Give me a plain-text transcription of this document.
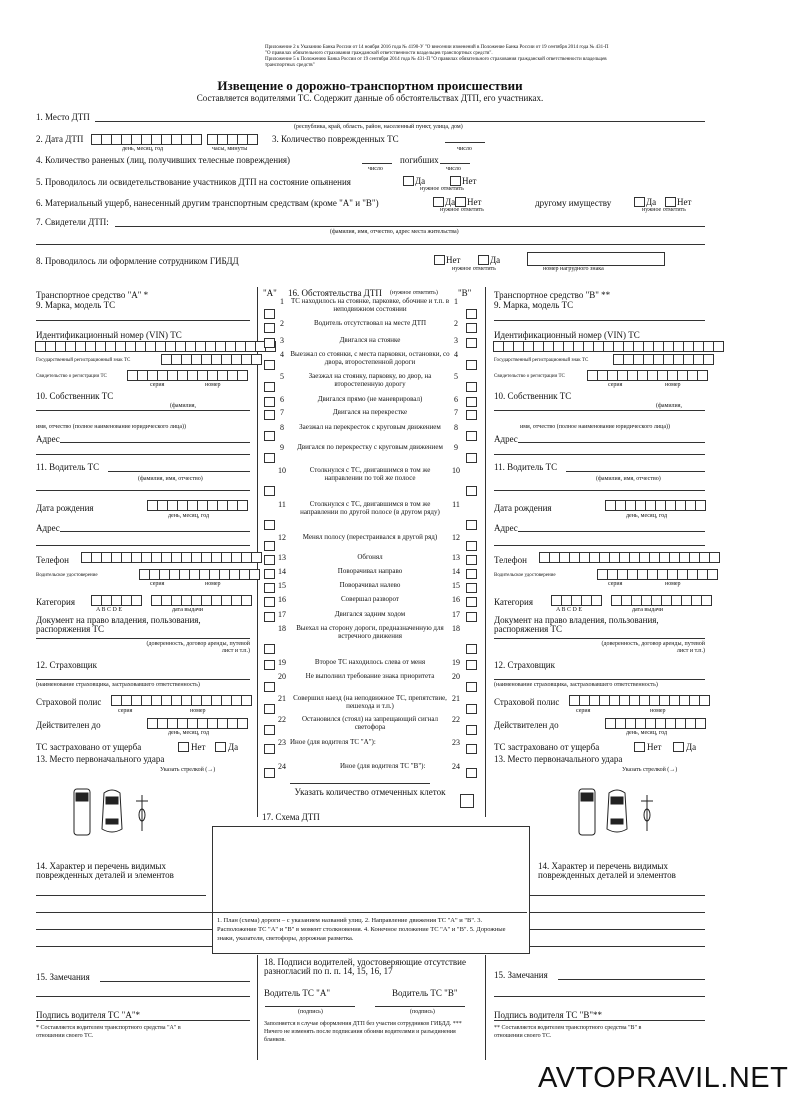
Приложение 2 к Указанию Банка России от 14 ноября 2016 года № 4190-У "О внесении изменений в Положение Банка России от 19 сентября 2014 года № 431-П
"О правилах обязательного страхования гражданской ответственности владельцев транспортных средств".
Приложение 5 к Положению Банка России от 19 сентября 2014 года № 431-П "О правилах обязательного страхования гражданской ответственности владельцев
транспортных средств"
Извещение о дорожно-транспортном происшествии
Составляется водителями ТС. Содержит данные об обстоятельствах ДТП, его участниках.
1. Место ДТП
(республика, край, область, район, населенный пункт, улица, дом)
2. Дата ДТП
день, месяц, год	часы, минуты
3. Количество поврежденных ТС
число
4. Количество раненых (лиц, получивших телесные повреждения)
число
погибших
число
5. Проводилось ли освидетельствование участников ДТП на состояние опьянения	Да	Нет
нужное отметить
6. Материальный ущерб, нанесенный другим транспортным средствам (кроме "А" и "В")	Да Нет
нужное отметить
другому имуществу	Да Нет
нужное отметить
7. Свидетели ДТП:
(фамилия, имя, отчество, адрес места жительства)
8. Проводилось ли оформление сотрудником ГИБДД	Нет	Да
нужное отметить	номер нагрудного знака
Транспортное средство "А" *
9. Марка, модель ТС
Идентификационный номер (VIN) ТС
Государственный регистрационный знак ТС
Свидетельство о регистрации ТС
серия	номер
10. Собственник ТС
(фамилия,
имя, отчество (полное наименование юридического лица))
Адрес
11. Водитель ТС
(фамилия, имя, отчество)
Дата рождения
день, месяц, год
Адрес
Телефон
Водительское удостоверение
серия	номер
Категория
A B C D E	дата выдачи
Документ на право владения, пользования, распоряжения ТС
(доверенность, договор аренды, путевой лист и т.п.)
12. Страховщик
(наименование страховщика, застраховавшего ответственность)
Страховой полис
серия	номер
Действителен до
день, месяц, год
ТС застраховано от ущерба	Нет	Да
13. Место первоначального удара
Указать стрелкой (→)
14. Характер и перечень видимых поврежденных деталей и элементов
15. Замечания
Подпись водителя ТС "А"*
* Составляется водителем транспортного средства "А" в отношении своего ТС.
Транспортное средство "В" **
9. Марка, модель ТС
Идентификационный номер (VIN) ТС
Государственный регистрационный знак ТС
Свидетельство о регистрации ТС
серия	номер
10. Собственник ТС
(фамилия,
имя, отчество (полное наименование юридического лица))
Адрес
11. Водитель ТС
(фамилия, имя, отчество)
Дата рождения
день, месяц, год
Адрес
Телефон
Водительское удостоверение
серия	номер
Категория
A B C D E	дата выдачи
Документ на право владения, пользования, распоряжения ТС
(доверенность, договор аренды, путевой лист и т.п.)
12. Страховщик
(наименование страховщика, застраховавшего ответственность)
Страховой полис
серия	номер
Действителен до
день, месяц, год
ТС застраховано от ущерба	Нет	Да
13. Место первоначального удара
Указать стрелкой (→)
14. Характер и перечень видимых поврежденных деталей и элементов
15. Замечания
Подпись водителя ТС "В"**
** Составляется водителем транспортного средства "В" в отношении своего ТС.
"А" 16. Обстоятельства ДТП (нужное отметить) "В"
1 ТС находилось на стоянке, парковке, обочине и т.п. в неподвижном состоянии
1
2	Водитель отсутствовал на месте ДТП	2
3	Двигался на стоянке	3
4 Выезжал со стоянки, с места парковки, остановки, со двора, второстепенной дороги
4
5	Заезжал на стоянку, парковку, во двор, на второстепенную дорогу
5
6	Двигался прямо (не маневрировал)	6
7	Двигался на перекрестке	7
8	Заезжал на перекресток с круговым движением	8
9	Двигался по перекрестку с круговым движением	9
10	Столкнулся с ТС, двигавшимся в том же направлении по той же полосе
10
11	Столкнулся с ТС, двигавшимся в том же направлении по другой полосе (в другом ряду)
11
12	Менял полосу (перестраивался в другой ряд)	12
13	Обгонял	13
14	Поворачивал направо	14
15	Поворачивал налево	15
16	Совершал разворот	16
17	Двигался задним ходом	17
18	Выехал на сторону дороги, предназначенную для встречного движения
18
19	Второе ТС находилось слева от меня	19
20	Не выполнил требование знака приоритета	20
21	Совершил наезд (на неподвижное ТС, препятствие, пешехода и т.п.)
21
22	Остановился (стоял) на запрещающий сигнал светофора
22
23 Иное (для водителя ТС "А"):	23
24	Иное (для водителя ТС "В"):	24
Указать количество отмеченных клеток
17. Схема ДТП
1. План (схема) дороги – с указанием названий улиц. 2. Направление движения ТС "А" и "В". 3. Расположение ТС "А" и "В" в момент столкновения. 4. Конечное положение ТС "А" и "В". 5. Дорожные знаки, указатели, светофоры, дорожная разметка.
18. Подписи водителей, удостоверяющие отсутствие разногласий по п. п. 14, 15, 16, 17
Водитель ТС "А"	Водитель ТС "В"
(подпись)	(подпись)
Заполняется в случае оформления ДТП без участия сотрудников ГИБДД. *** Ничего не изменять после подписания обоими водителями и разъединения бланков.
AVTOPRAVIL.NET
